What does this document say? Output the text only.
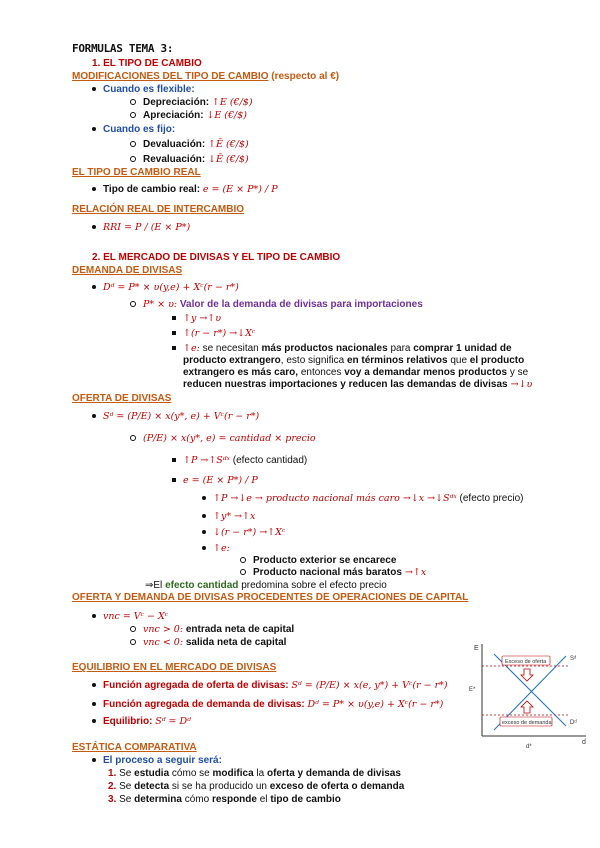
FORMULAS TEMA 3:
1. EL TIPO DE CAMBIO
MODIFICACIONES DEL TIPO DE CAMBIO (respecto al €)
Cuando es flexible:
Depreciación: ↑E (€/$)
Apreciación: ↓E (€/$)
Cuando es fijo:
Devaluación: ↑Ē (€/$)
Revaluación: ↓Ē (€/$)
EL TIPO DE CAMBIO REAL
Tipo de cambio real: e = (E × P*) / P
RELACIÓN REAL DE INTERCAMBIO
RRI = P / (E × P*)
2. EL MERCADO DE DIVISAS Y EL TIPO DE CAMBIO
DEMANDA DE DIVISAS
Dᵈ = P* × υ(y,e) + Xᶜ(r − r*)
P* × υ: Valor de la demanda de divisas para importaciones
↑y →↑υ
↑(r − r*) →↓Xᶜ
↑e: se necesitan más productos nacionales para comprar 1 unidad de
producto extrangero, esto significa en términos relativos que el producto
extrangero es más caro, entonces voy a demandar menos productos y se
reducen nuestras importaciones y reducen las demandas de divisas →↓υ
OFERTA DE DIVISAS
Sᵈ = (P/E) × x(y*, e) + Vᶜ(r − r*)
(P/E) × x(y*, e) = cantidad × precio
↑P →↑Sᵈˣ (efecto cantidad)
e = (E × P*) / P
↑P →↓e → producto nacional más caro →↓x →↓Sᵈˣ (efecto precio)
↑y* →↑x
↓(r − r*) →↑Xᶜ
↑e:
Producto exterior se encarece
Producto nacional más baratos →↑x
⇒El efecto cantidad predomina sobre el efecto precio
OFERTA Y DEMANDA DE DIVISAS PROCEDENTES DE OPERACIONES DE CAPITAL
vnc = Vᶜ − Xᶜ
vnc > 0: entrada neta de capital
vnc < 0: salida neta de capital
EQUILIBRIO EN EL MERCADO DE DIVISAS
Función agregada de oferta de divisas: Sᵈ = (P/E) × x(e, y*) + Vᶜ(r − r*)
Función agregada de demanda de divisas: Dᵈ = P* × υ(y,e) + Xᶜ(r − r*)
Equilibrio: Sᵈ = Dᵈ
ESTÁTICA COMPARATIVA
El proceso a seguir será:
1. Se estudia cómo se modifica la oferta y demanda de divisas
2. Se detecta si se ha producido un exceso de oferta o demanda
3. Se determina cómo responde el tipo de cambio
E
d
E*
d*
Sᵈ
Dᵈ
Exceso de oferta
exceso de demanda
